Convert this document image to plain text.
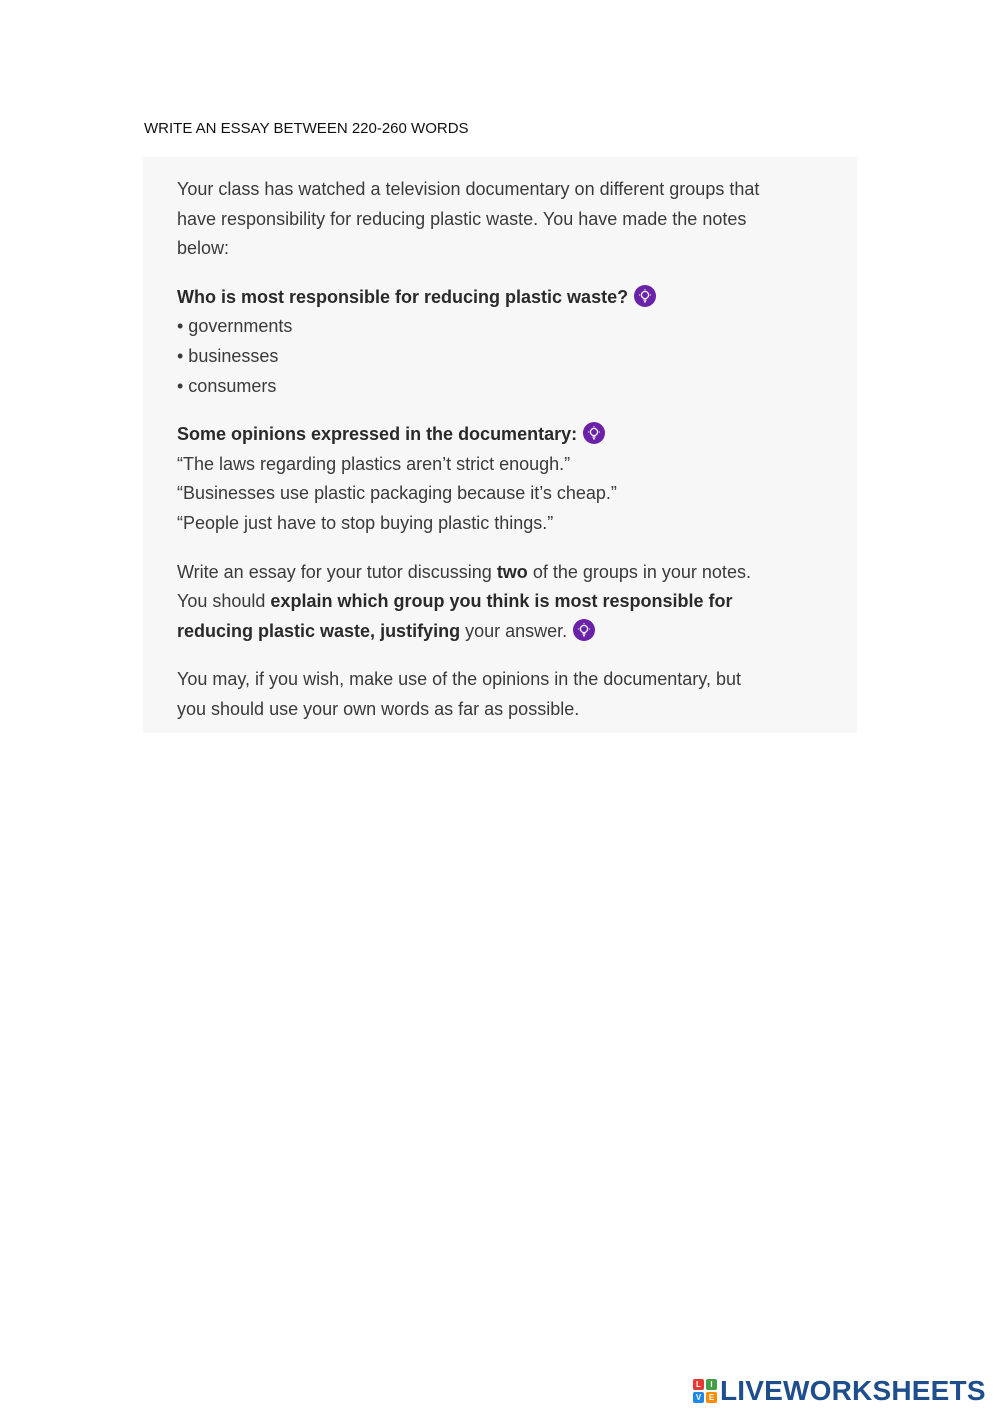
WRITE AN ESSAY BETWEEN 220-260 WORDS

Your class has watched a television documentary on different groups that
have responsibility for reducing plastic waste. You have made the notes
below:

Who is most responsible for reducing plastic waste?
• governments
• businesses
• consumers

Some opinions expressed in the documentary:
“The laws regarding plastics aren’t strict enough.”
“Businesses use plastic packaging because it’s cheap.”
“People just have to stop buying plastic things.”

Write an essay for your tutor discussing two of the groups in your notes.
You should explain which group you think is most responsible for
reducing plastic waste, justifying your answer.

You may, if you wish, make use of the opinions in the documentary, but
you should use your own words as far as possible.

L	I
V E LIVEWORKSHEETS
